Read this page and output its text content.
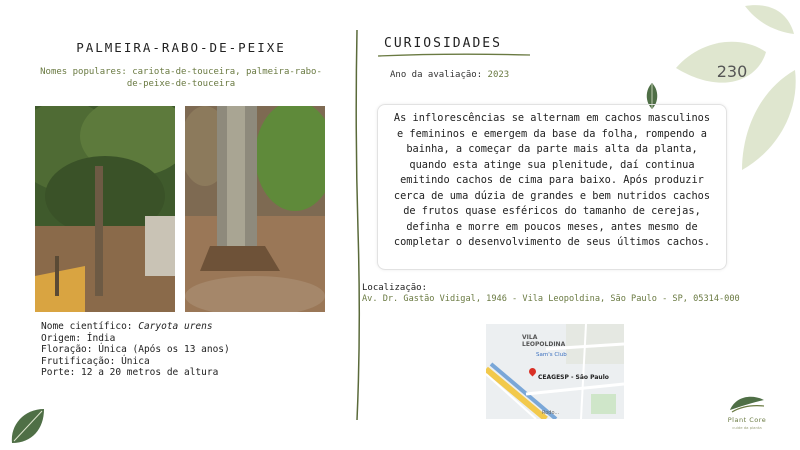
230
PALMEIRA-RABO-DE-PEIXE
Nomes populares: cariota-de-touceira, palmeira-rabo-
de-peixe-de-touceira
Nome científico: Caryota urens
Origem: Índia
Floração: Única (Após os 13 anos)
Frutificação: Única
Porte: 12 a 20 metros de altura
CURIOSIDADES
Ano da avaliação: 2023
As inflorescências se alternam em cachos masculinos e femininos e emergem da base da folha, rompendo a bainha, a começar da parte mais alta da planta, quando esta atinge sua plenitude, daí continua emitindo cachos de cima para baixo. Após produzir cerca de uma dúzia de grandes e bem nutridos cachos de frutos quase esféricos do tamanho de cerejas, definha e morre em poucos meses, antes mesmo de completar o desenvolvimento de seus últimos cachos.
Localização:
Av. Dr. Gastão Vidigal, 1946 - Vila Leopoldina, São Paulo - SP, 05314-000
VILA
LEOPOLDINA
Sam's Club
CEAGESP - São Paulo
Rodo...
Plant Core
cuide da planta
